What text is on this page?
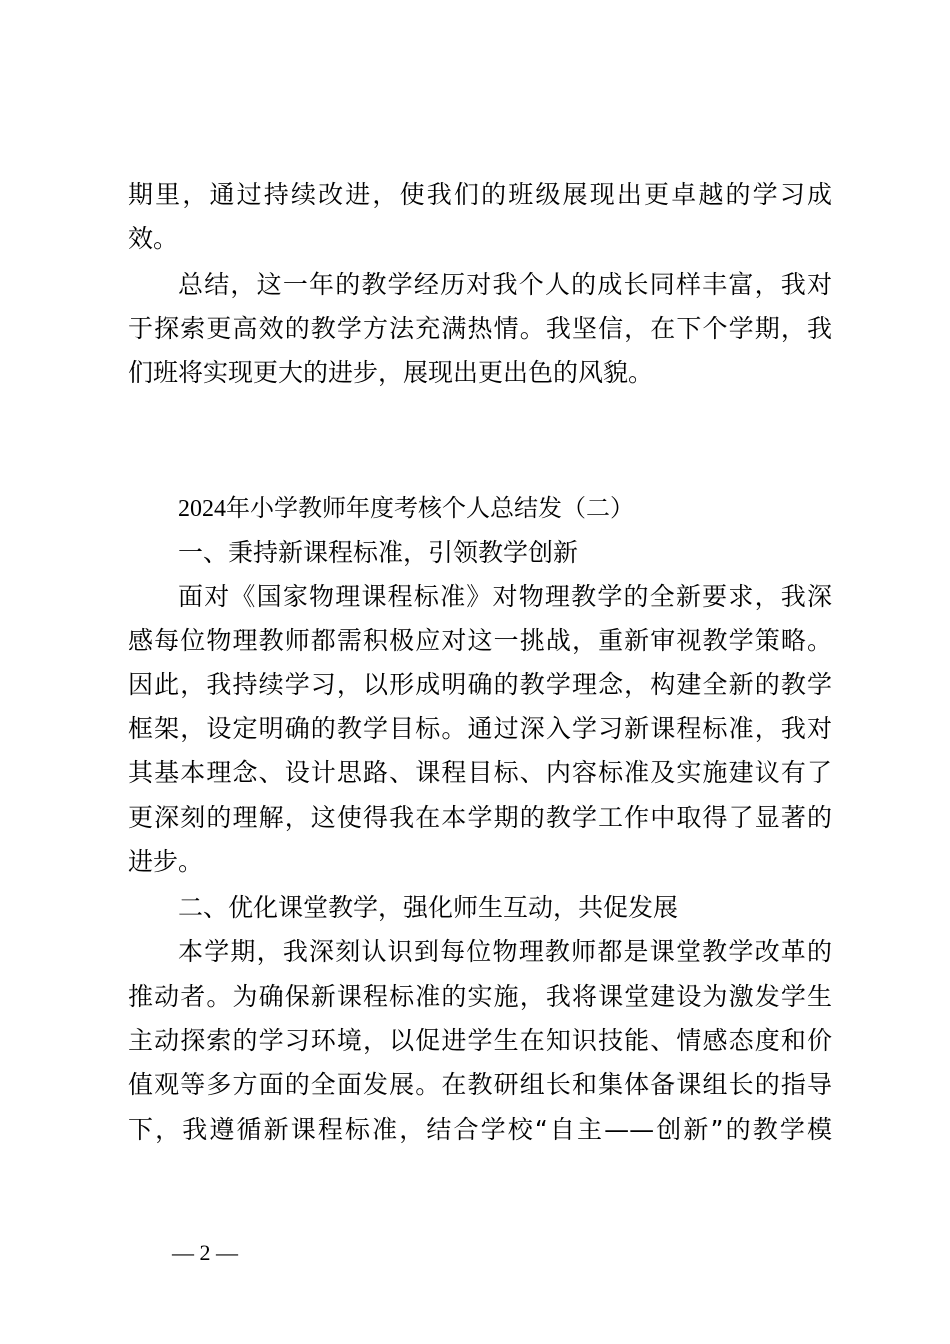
期里，通过持续改进，使我们的班级展现出更卓越的学习成
效。
总结，这一年的教学经历对我个人的成长同样丰富，我对
于探索更高效的教学方法充满热情。我坚信，在下个学期，我
们班将实现更大的进步，展现出更出色的风貌。
2024年小学教师年度考核个人总结发（二）
一、秉持新课程标准，引领教学创新
面对《国家物理课程标准》对物理教学的全新要求，我深
感每位物理教师都需积极应对这一挑战，重新审视教学策略。
因此，我持续学习，以形成明确的教学理念，构建全新的教学
框架，设定明确的教学目标。通过深入学习新课程标准，我对
其基本理念、设计思路、课程目标、内容标准及实施建议有了
更深刻的理解，这使得我在本学期的教学工作中取得了显著的
进步。
二、优化课堂教学，强化师生互动，共促发展
本学期，我深刻认识到每位物理教师都是课堂教学改革的
推动者。为确保新课程标准的实施，我将课堂建设为激发学生
主动探索的学习环境，以促进学生在知识技能、情感态度和价
值观等多方面的全面发展。在教研组长和集体备课组长的指导
下，我遵循新课程标准，结合学校“自主——创新”的教学模
— 2 —
